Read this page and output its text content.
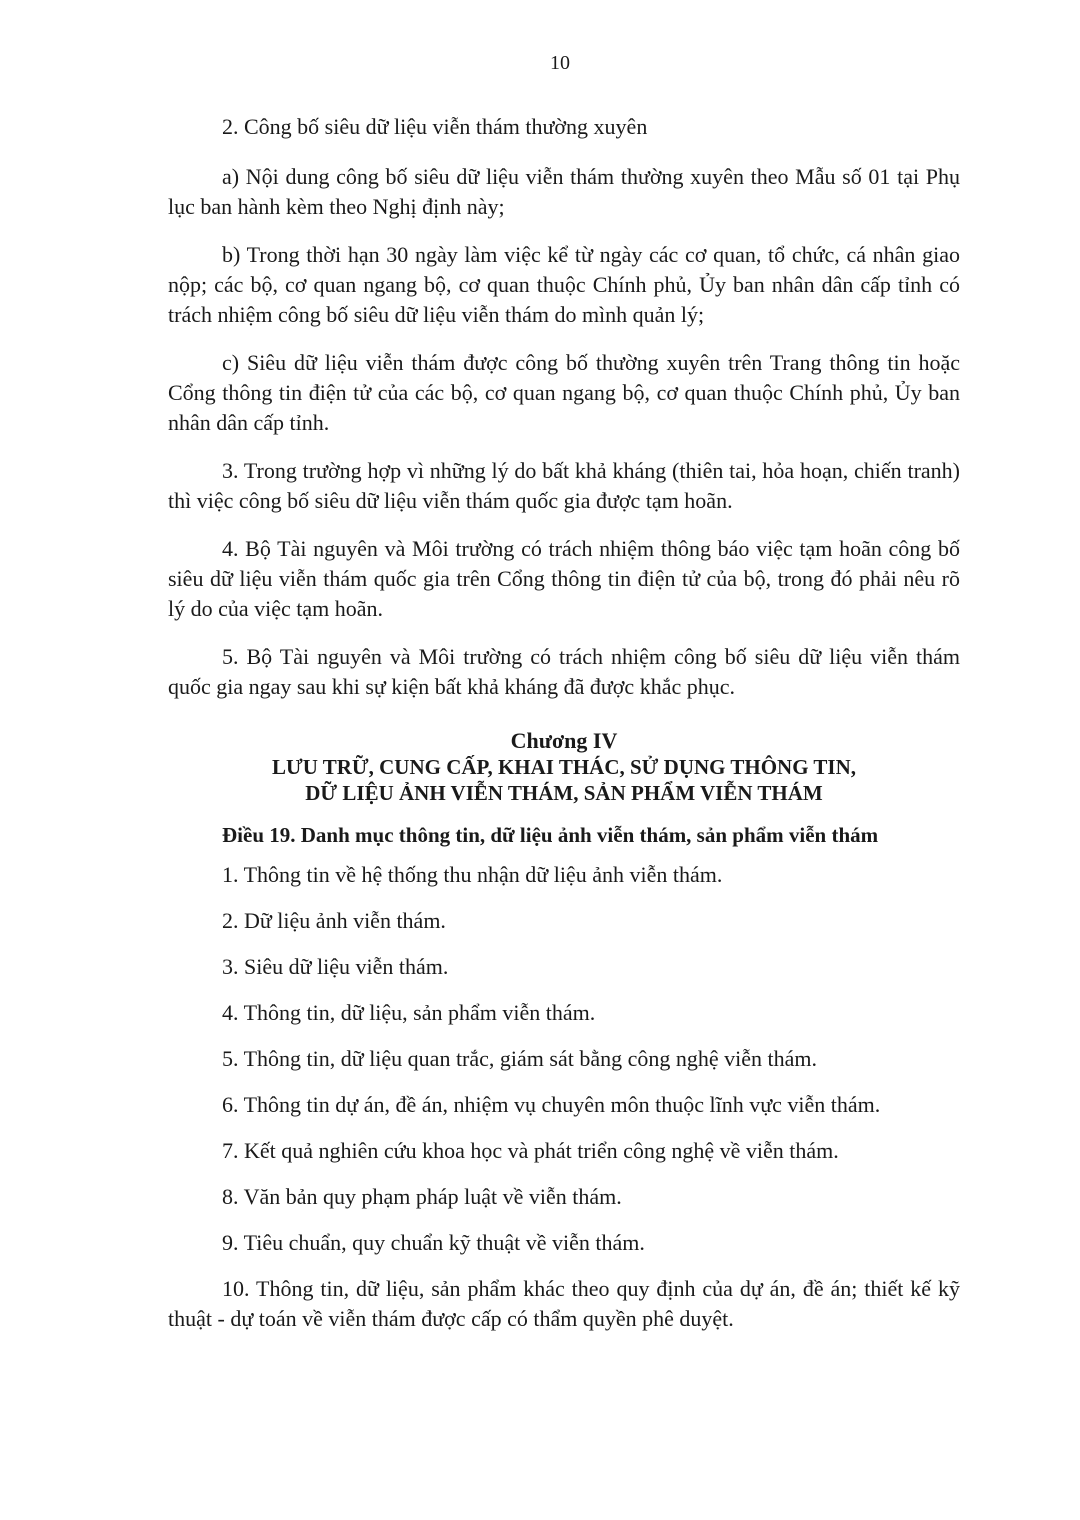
10

2. Công bố siêu dữ liệu viễn thám thường xuyên

a) Nội dung công bố siêu dữ liệu viễn thám thường xuyên theo Mẫu số 01 tại Phụ lục ban hành kèm theo Nghị định này;

b) Trong thời hạn 30 ngày làm việc kể từ ngày các cơ quan, tổ chức, cá nhân giao nộp; các bộ, cơ quan ngang bộ, cơ quan thuộc Chính phủ, Ủy ban nhân dân cấp tỉnh có trách nhiệm công bố siêu dữ liệu viễn thám do mình quản lý;

c) Siêu dữ liệu viễn thám được công bố thường xuyên trên Trang thông tin hoặc Cổng thông tin điện tử của các bộ, cơ quan ngang bộ, cơ quan thuộc Chính phủ, Ủy ban nhân dân cấp tỉnh.

3. Trong trường hợp vì những lý do bất khả kháng (thiên tai, hỏa hoạn, chiến tranh) thì việc công bố siêu dữ liệu viễn thám quốc gia được tạm hoãn.

4. Bộ Tài nguyên và Môi trường có trách nhiệm thông báo việc tạm hoãn công bố siêu dữ liệu viễn thám quốc gia trên Cổng thông tin điện tử của bộ, trong đó phải nêu rõ lý do của việc tạm hoãn.

5. Bộ Tài nguyên và Môi trường có trách nhiệm công bố siêu dữ liệu viễn thám quốc gia ngay sau khi sự kiện bất khả kháng đã được khắc phục.

Chương IV

LƯU TRỮ, CUNG CẤP, KHAI THÁC, SỬ DỤNG THÔNG TIN,

DỮ LIỆU ẢNH VIỄN THÁM, SẢN PHẨM VIỄN THÁM

Điều 19. Danh mục thông tin, dữ liệu ảnh viễn thám, sản phẩm viễn thám

1. Thông tin về hệ thống thu nhận dữ liệu ảnh viễn thám.

2. Dữ liệu ảnh viễn thám.

3. Siêu dữ liệu viễn thám.

4. Thông tin, dữ liệu, sản phẩm viễn thám.

5. Thông tin, dữ liệu quan trắc, giám sát bằng công nghệ viễn thám.

6. Thông tin dự án, đề án, nhiệm vụ chuyên môn thuộc lĩnh vực viễn thám.

7. Kết quả nghiên cứu khoa học và phát triển công nghệ về viễn thám.

8. Văn bản quy phạm pháp luật về viễn thám.

9. Tiêu chuẩn, quy chuẩn kỹ thuật về viễn thám.

10. Thông tin, dữ liệu, sản phẩm khác theo quy định của dự án, đề án; thiết kế kỹ thuật - dự toán về viễn thám được cấp có thẩm quyền phê duyệt.
